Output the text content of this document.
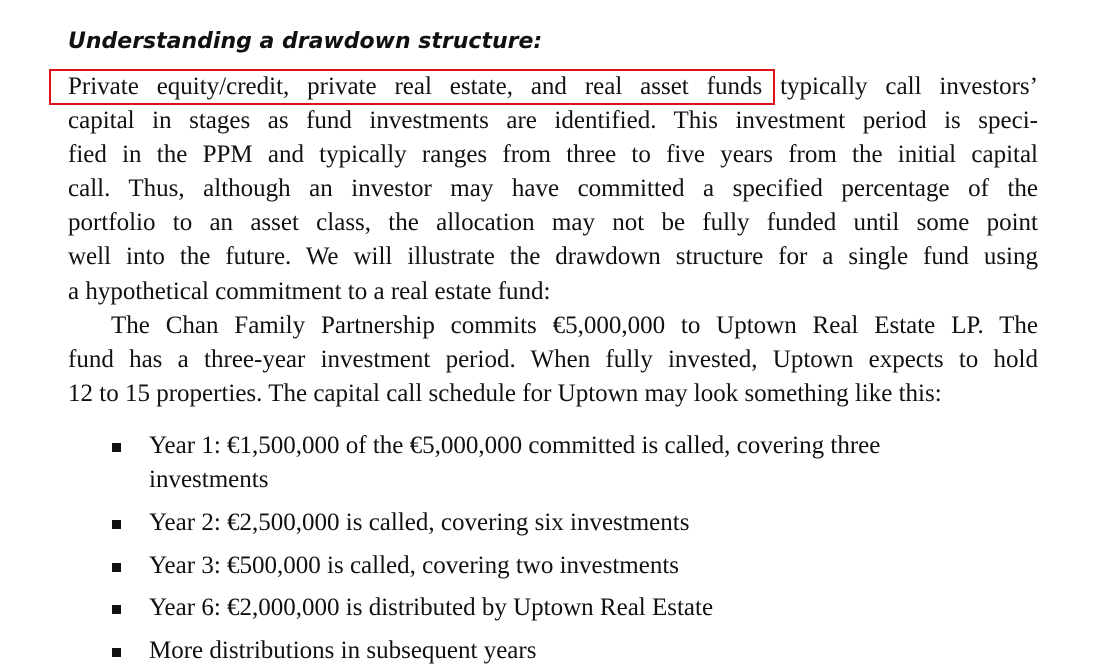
Understanding a drawdown structure:
Private equity/credit, private real estate, and real asset funds typically call investors’
capital in stages as fund investments are identified. This investment period is speci-
fied in the PPM and typically ranges from three to five years from the initial capital
call. Thus, although an investor may have committed a specified percentage of the
portfolio to an asset class, the allocation may not be fully funded until some point
well into the future. We will illustrate the drawdown structure for a single fund using
a hypothetical commitment to a real estate fund:
The Chan Family Partnership commits €5,000,000 to Uptown Real Estate LP. The
fund has a three-year investment period. When fully invested, Uptown expects to hold
12 to 15 properties. The capital call schedule for Uptown may look something like this:
Year 1: €1,500,000 of the €5,000,000 committed is called, covering three
investments
Year 2: €2,500,000 is called, covering six investments
Year 3: €500,000 is called, covering two investments
Year 6: €2,000,000 is distributed by Uptown Real Estate
More distributions in subsequent years
